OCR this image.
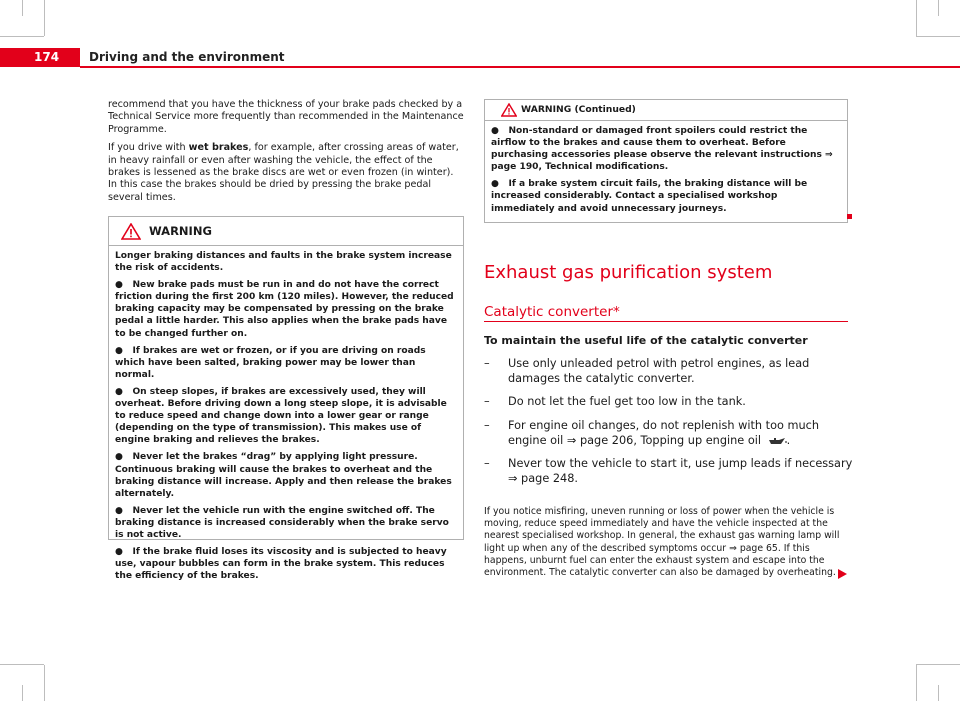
174	Driving and the environment

recommend that you have the thickness of your brake pads checked by a Technical Service more frequently than recommended in the Maintenance Programme.

If you drive with wet brakes, for example, after crossing areas of water, in heavy rainfall or even after washing the vehicle, the effect of the brakes is lessened as the brake discs are wet or even frozen (in winter). In this case the brakes should be dried by pressing the brake pedal several times.

WARNING

Longer braking distances and faults in the brake system increase the risk of accidents.

● New brake pads must be run in and do not have the correct friction during the first 200 km (120 miles). However, the reduced braking capacity may be compensated by pressing on the brake pedal a little harder. This also applies when the brake pads have to be changed further on.

● If brakes are wet or frozen, or if you are driving on roads which have been salted, braking power may be lower than normal.

● On steep slopes, if brakes are excessively used, they will overheat. Before driving down a long steep slope, it is advisable to reduce speed and change down into a lower gear or range (depending on the type of transmission). This makes use of engine braking and relieves the brakes.

● Never let the brakes “drag” by applying light pressure. Continuous braking will cause the brakes to overheat and the braking distance will increase. Apply and then release the brakes alternately.

● Never let the vehicle run with the engine switched off. The braking distance is increased considerably when the brake servo is not active.

● If the brake fluid loses its viscosity and is subjected to heavy use, vapour bubbles can form in the brake system. This reduces the efficiency of the brakes.

WARNING (Continued)

● Non-standard or damaged front spoilers could restrict the airflow to the brakes and cause them to overheat. Before purchasing accessories please observe the relevant instructions ⇒ page 190, Technical modifications.

● If a brake system circuit fails, the braking distance will be increased considerably. Contact a specialised workshop immediately and avoid unnecessary journeys.

Exhaust gas purification system
Catalytic converter*
To maintain the useful life of the catalytic converter
– Use only unleaded petrol with petrol engines, as lead damages the catalytic converter.
– Do not let the fuel get too low in the tank.
– For engine oil changes, do not replenish with too much engine oil ⇒ page 206, Topping up engine oil .
– Never tow the vehicle to start it, use jump leads if necessary ⇒ page 248.

If you notice misfiring, uneven running or loss of power when the vehicle is moving, reduce speed immediately and have the vehicle inspected at the nearest specialised workshop. In general, the exhaust gas warning lamp will light up when any of the described symptoms occur ⇒ page 65. If this happens, unburnt fuel can enter the exhaust system and escape into the environment. The catalytic converter can also be damaged by overheating.
